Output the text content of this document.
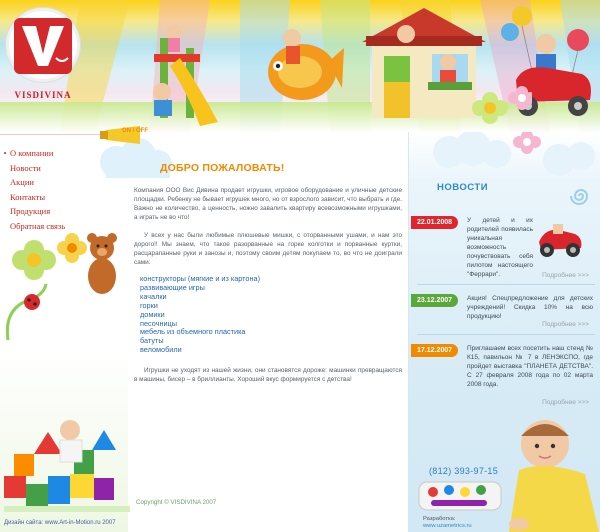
VISDIVINA
• О компании
Новости
Акции
Контакты
Продукция
Обратная связь
Дизайн сайта: www.Art-in-Motion.ru 2007
ON / OFF
ДОБРО ПОЖАЛОВАТЬ!

Компания ООО Вис Дивина продает игрушки, игровое оборудование и уличные детские площадки. Ребенку не бывает игрушек много, но от взрослого зависит, что выбрать и где. Важно не количество, а ценность, ножно завалить квартиру всевозможными игрушками, а играть не во что!

У всех у нас были любимые плюшевые мишки, с оторванными ушами, и нам это дорого!! Мы знаем, что такое разорванные на горке колготки и порванные куртки, расцарапанные руки и занозы и, поэтому своим детям покупаем то, во что не доиграли сами:

конструкторы (мягкие и из картона)
развивающие игры
качалки
горки
домики
песочницы
мебель из объемного пластика
батуты
веломобили

Игрушки не уходят из нашей жизни, они становятся дороже: машинки превращаются в машины, бисер – в бриллианты. Хороший вкус формируется с детства!

Copyright © VISDIVINA 2007
НОВОСТИ
22.01.2008	У детей и их родителей появилась уникальная возможность почувствовать себя пилотом настоящего "Феррари".	Подробнее >>>
23.12.2007	Акция! Спецпредложение для детских учреждений! Скидка 10% на всю продукцию!
Подробнее >>>
17.12.2007	Приглашаем всех посетить наш стенд № К15, павильон № 7 в ЛЕНЭКСПО, где пройдет выставка "ПЛАНЕТА ДЕТСТВА". С 27 февраля 2008 года по 02 марта 2008 года.
Подробнее >>>
(812) 393-97-15
Разработка:
www.uzametrics.ru
